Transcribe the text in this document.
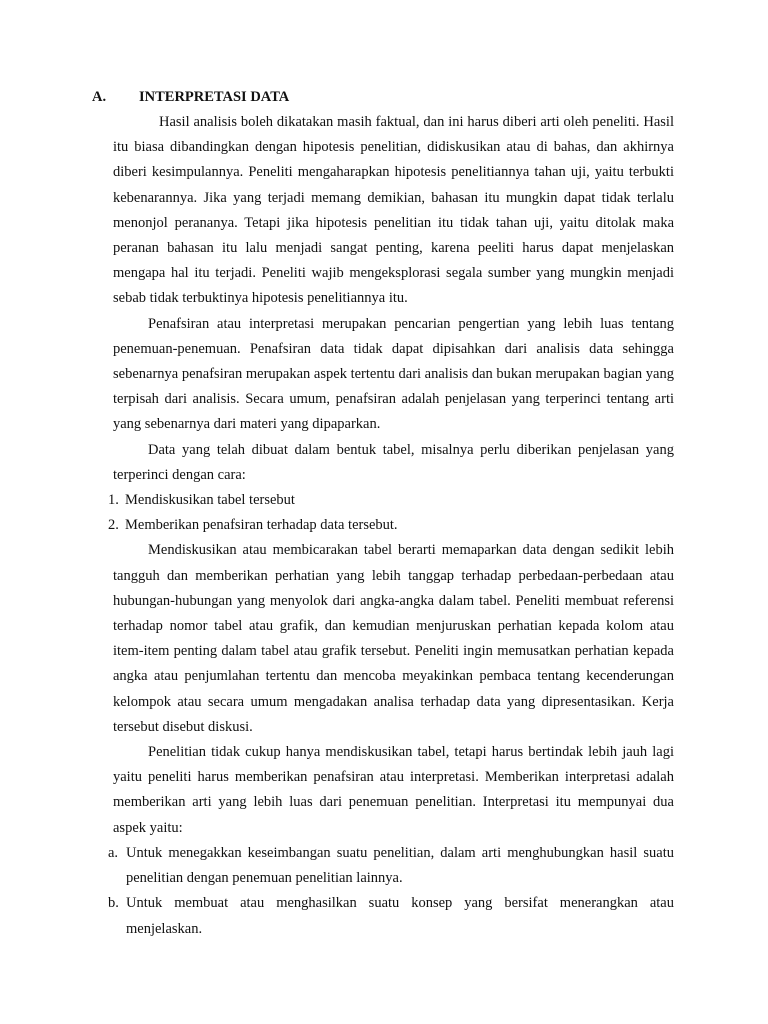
A. INTERPRETASI DATA

Hasil analisis boleh dikatakan masih faktual, dan ini harus diberi arti oleh peneliti. Hasil itu biasa dibandingkan dengan hipotesis penelitian, didiskusikan atau di bahas, dan akhirnya diberi kesimpulannya. Peneliti mengaharapkan hipotesis penelitiannya tahan uji, yaitu terbukti kebenarannya. Jika yang terjadi memang demikian, bahasan itu mungkin dapat tidak terlalu menonjol perananya. Tetapi jika hipotesis penelitian itu tidak tahan uji, yaitu ditolak maka peranan bahasan itu lalu menjadi sangat penting, karena peeliti harus dapat menjelaskan mengapa hal itu terjadi. Peneliti wajib mengeksplorasi segala sumber yang mungkin menjadi sebab tidak terbuktinya hipotesis penelitiannya itu.

Penafsiran atau interpretasi merupakan pencarian pengertian yang lebih luas tentang penemuan-penemuan. Penafsiran data tidak dapat dipisahkan dari analisis data sehingga sebenarnya penafsiran merupakan aspek tertentu dari analisis dan bukan merupakan bagian yang terpisah dari analisis. Secara umum, penafsiran adalah penjelasan yang terperinci tentang arti yang sebenarnya dari materi yang dipaparkan.

Data yang telah dibuat dalam bentuk tabel, misalnya perlu diberikan penjelasan yang terperinci dengan cara:

1. Mendiskusikan tabel tersebut
2. Memberikan penafsiran terhadap data tersebut.

Mendiskusikan atau membicarakan tabel berarti memaparkan data dengan sedikit lebih tangguh dan memberikan perhatian yang lebih tanggap terhadap perbedaan-perbedaan atau hubungan-hubungan yang menyolok dari angka-angka dalam tabel. Peneliti membuat referensi terhadap nomor tabel atau grafik, dan kemudian menjuruskan perhatian kepada kolom atau item-item penting dalam tabel atau grafik tersebut. Peneliti ingin memusatkan perhatian kepada angka atau penjumlahan tertentu dan mencoba meyakinkan pembaca tentang kecenderungan kelompok atau secara umum mengadakan analisa terhadap data yang dipresentasikan. Kerja tersebut disebut diskusi.

Penelitian tidak cukup hanya mendiskusikan tabel, tetapi harus bertindak lebih jauh lagi yaitu peneliti harus memberikan penafsiran atau interpretasi. Memberikan interpretasi adalah memberikan arti yang lebih luas dari penemuan penelitian. Interpretasi itu mempunyai dua aspek yaitu:

a. Untuk menegakkan keseimbangan suatu penelitian, dalam arti menghubungkan hasil suatu penelitian dengan penemuan penelitian lainnya.
b. Untuk membuat atau menghasilkan suatu konsep yang bersifat menerangkan atau menjelaskan.
